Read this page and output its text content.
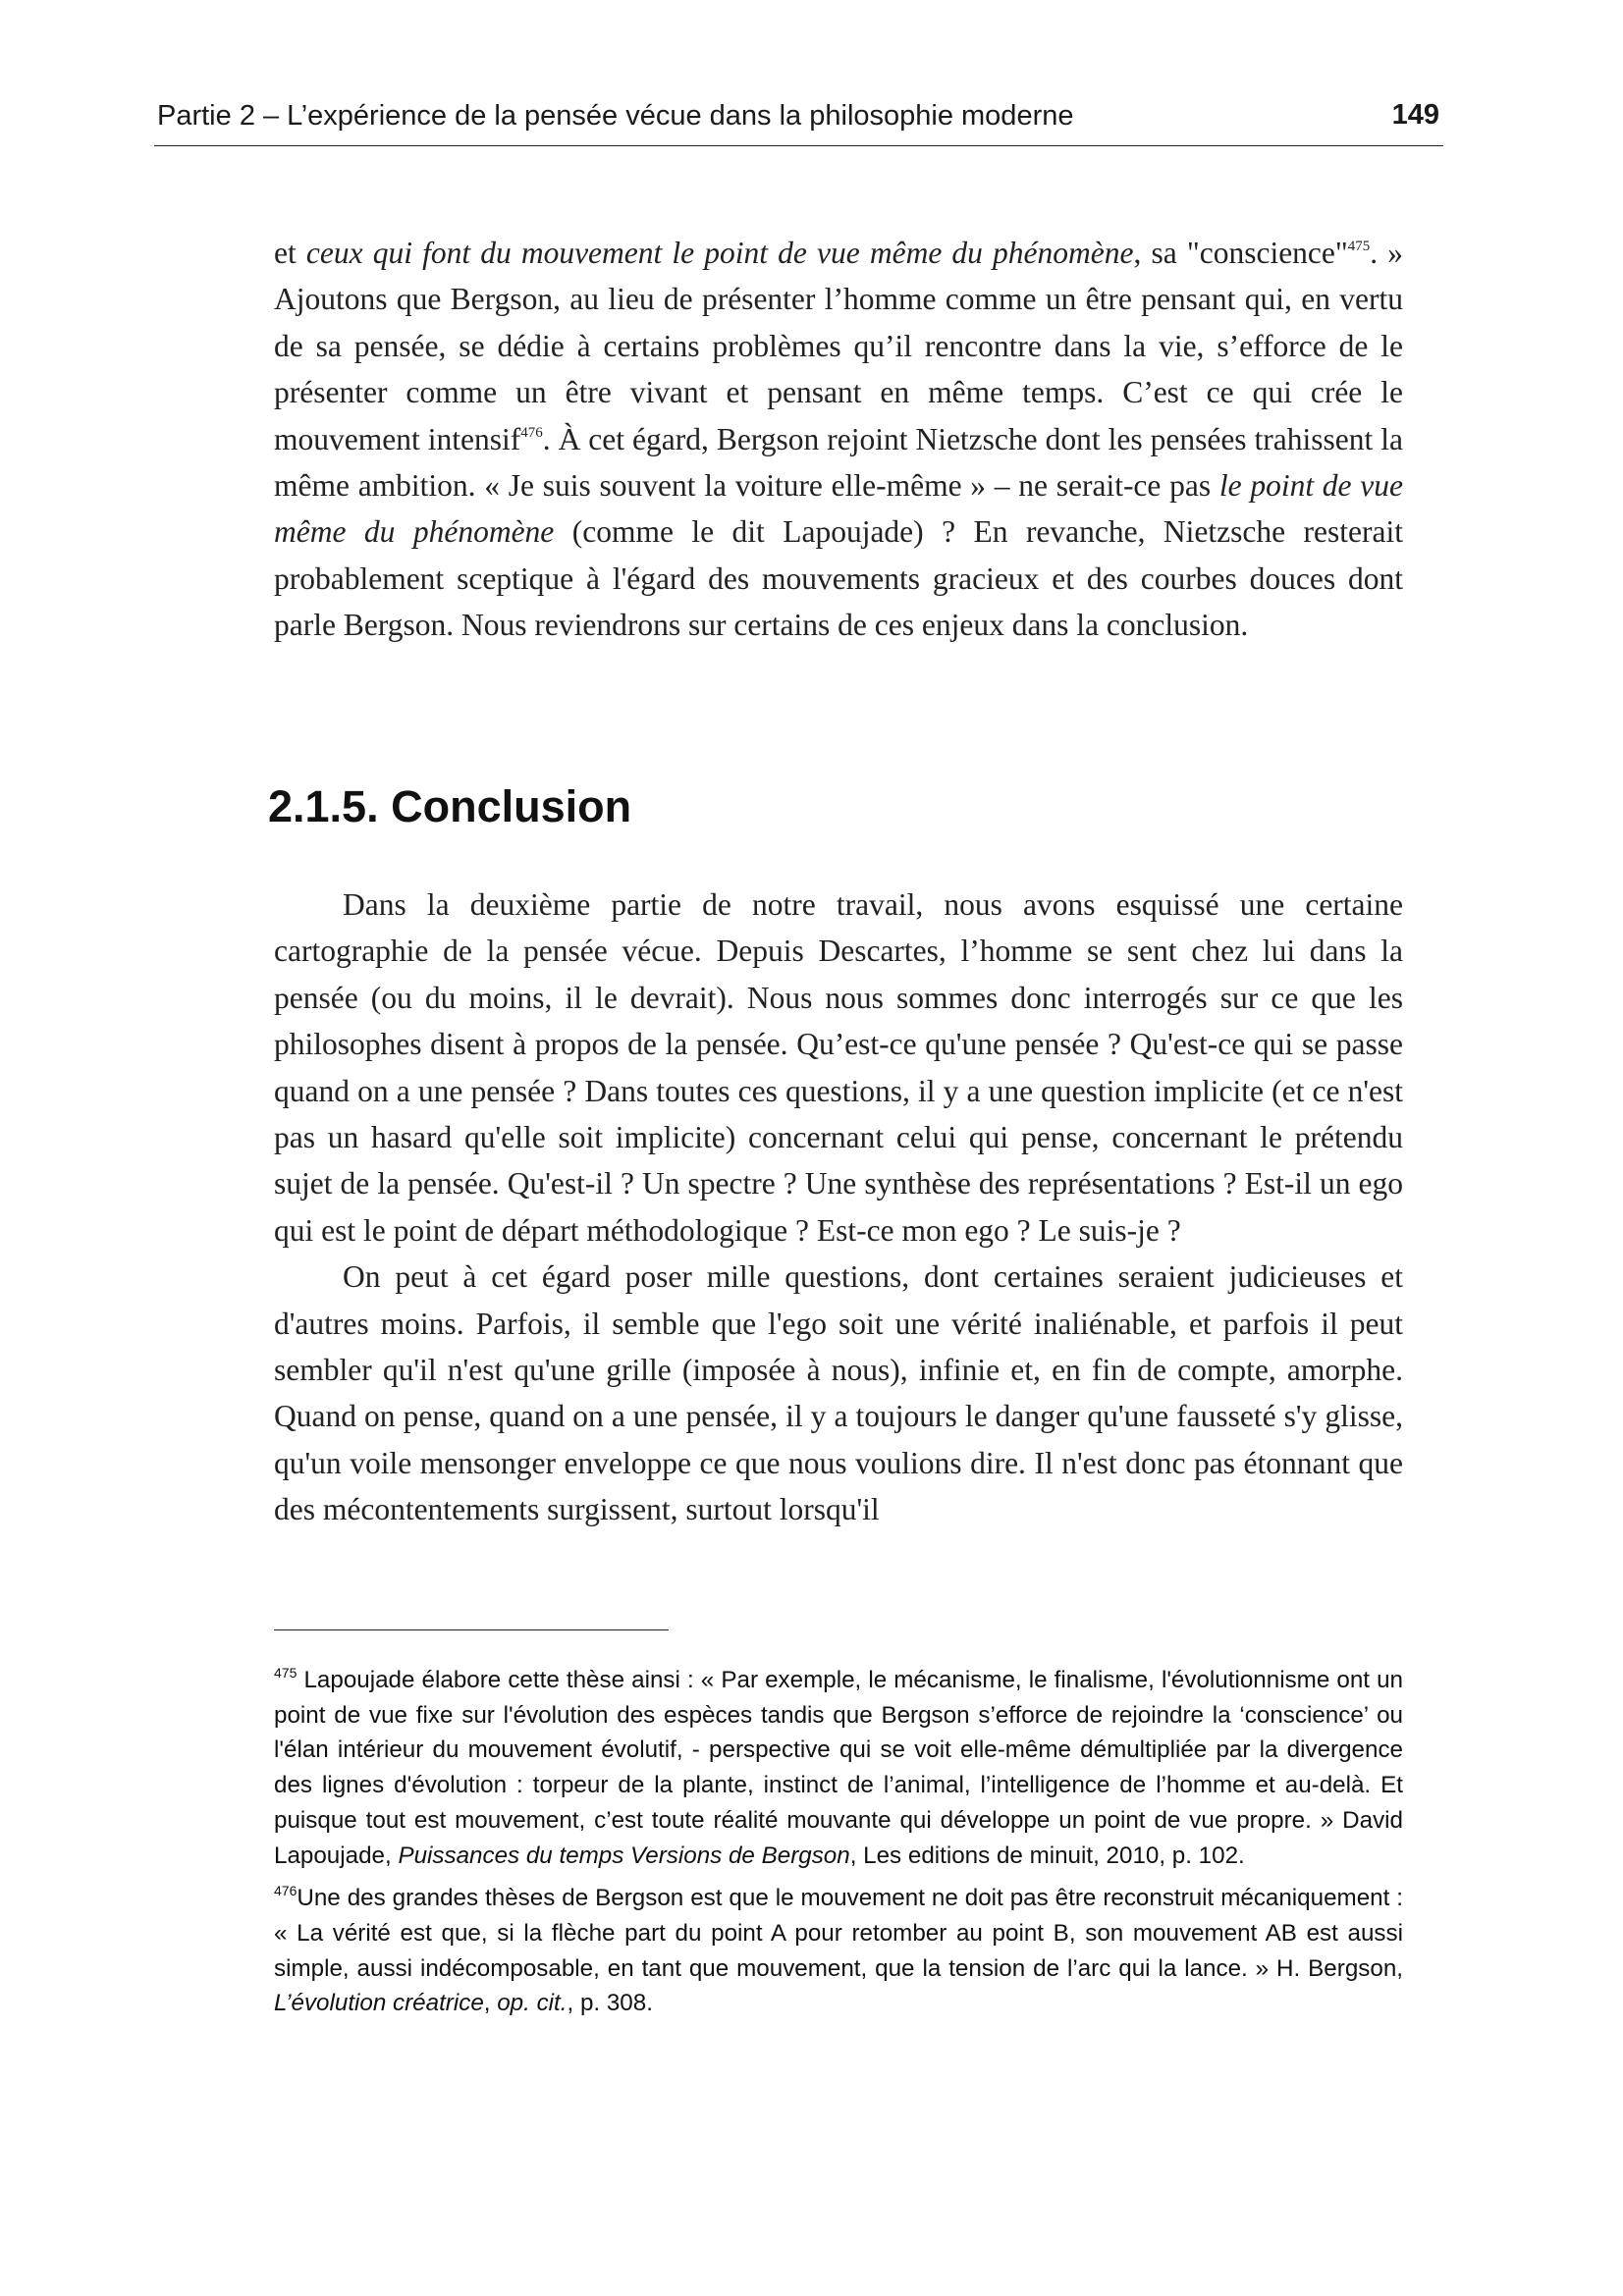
Partie 2 – L’expérience de la pensée vécue dans la philosophie moderne	149

et ceux qui font du mouvement le point de vue même du phénomène, sa "conscience"$^{475}$. » Ajoutons que Bergson, au lieu de présenter l’homme comme un être pensant qui, en vertu de sa pensée, se dédie à certains problèmes qu’il rencontre dans la vie, s’efforce de le présenter comme un être vivant et pensant en même temps. C’est ce qui crée le mouvement intensif$^{476}$. À cet égard, Bergson rejoint Nietzsche dont les pensées trahissent la même ambition. « Je suis souvent la voiture elle-même » – ne serait-ce pas le point de vue même du phénomène (comme le dit Lapoujade) ? En revanche, Nietzsche resterait probablement sceptique à l'égard des mouvements gracieux et des courbes douces dont parle Bergson. Nous reviendrons sur certains de ces enjeux dans la conclusion.

2.1.5. Conclusion

Dans la deuxième partie de notre travail, nous avons esquissé une certaine cartographie de la pensée vécue. Depuis Descartes, l’homme se sent chez lui dans la pensée (ou du moins, il le devrait). Nous nous sommes donc interrogés sur ce que les philosophes disent à propos de la pensée. Qu’est-ce qu'une pensée ? Qu'est-ce qui se passe quand on a une pensée ? Dans toutes ces questions, il y a une question implicite (et ce n'est pas un hasard qu'elle soit implicite) concernant celui qui pense, concernant le prétendu sujet de la pensée. Qu'est-il ? Un spectre ? Une synthèse des représentations ? Est-il un ego qui est le point de départ méthodologique ? Est-ce mon ego ? Le suis-je ?

On peut à cet égard poser mille questions, dont certaines seraient judicieuses et d'autres moins. Parfois, il semble que l'ego soit une vérité inaliénable, et parfois il peut sembler qu'il n'est qu'une grille (imposée à nous), infinie et, en fin de compte, amorphe. Quand on pense, quand on a une pensée, il y a toujours le danger qu'une fausseté s'y glisse, qu'un voile mensonger enveloppe ce que nous voulions dire. Il n'est donc pas étonnant que des mécontentements surgissent, surtout lorsqu'il

$^{475}$ Lapoujade élabore cette thèse ainsi : « Par exemple, le mécanisme, le finalisme, l'évolutionnisme ont un point de vue fixe sur l'évolution des espèces tandis que Bergson s’efforce de rejoindre la ‘conscience’ ou l'élan intérieur du mouvement évolutif, - perspective qui se voit elle-même démultipliée par la divergence des lignes d'évolution : torpeur de la plante, instinct de l’animal, l’intelligence de l’homme et au-delà. Et puisque tout est mouvement, c’est toute réalité mouvante qui développe un point de vue propre. » David Lapoujade, Puissances du temps Versions de Bergson, Les editions de minuit, 2010, p. 102.

$^{476}$Une des grandes thèses de Bergson est que le mouvement ne doit pas être reconstruit mécaniquement : « La vérité est que, si la flèche part du point A pour retomber au point B, son mouvement AB est aussi simple, aussi indécomposable, en tant que mouvement, que la tension de l’arc qui la lance. » H. Bergson, L’évolution créatrice, op. cit., p. 308.
